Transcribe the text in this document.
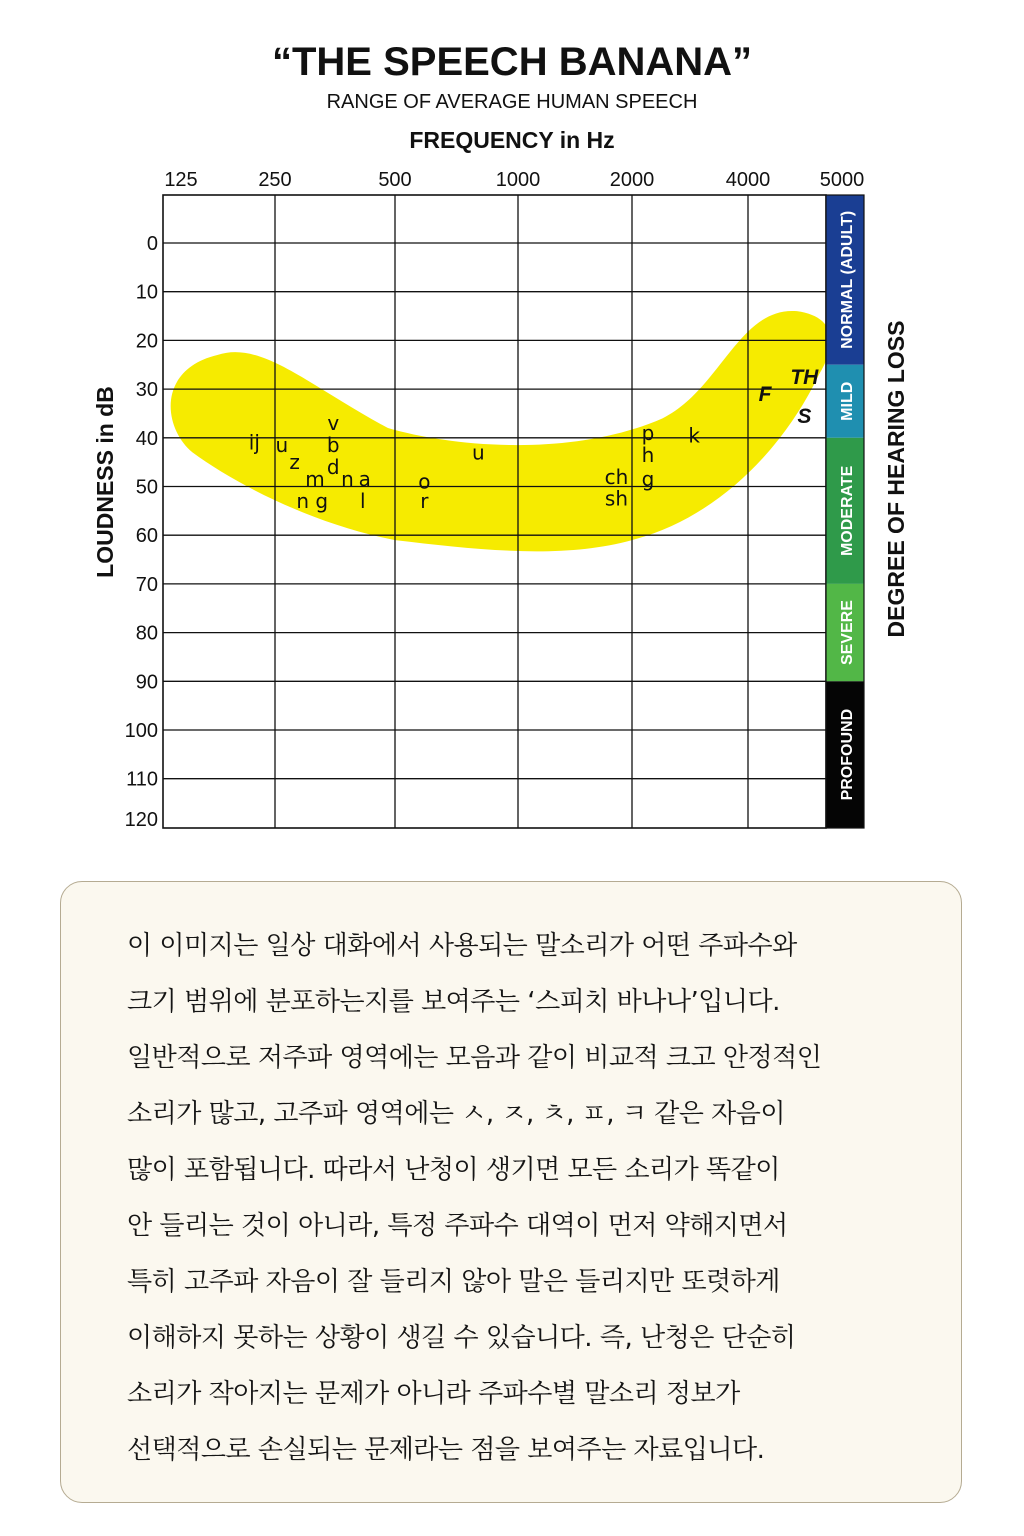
“THE SPEECH BANANA”
RANGE OF AVERAGE HUMAN SPEECH
FREQUENCY in Hz
125	250	500	1000	2000	4000 5000
0
10
20
30
40
50
60
70
80
90
100
110
120
LOUDNESS in dB	DEGREE OF HEARING LOSS
NORMAL (ADULT)
MILD
MODERATE
SEVERE
PROFOUND
ij u
z
v
b
d
m n a
n g l
o
r
u
ch
sh
p
h
g
k
F
TH
S

이 이미지는 일상 대화에서 사용되는 말소리가 어떤 주파수와

크기 범위에 분포하는지를 보여주는 ‘스피치 바나나’입니다.

일반적으로 저주파 영역에는 모음과 같이 비교적 크고 안정적인

소리가 많고, 고주파 영역에는 ㅅ, ㅈ, ㅊ, ㅍ, ㅋ 같은 자음이

많이 포함됩니다. 따라서 난청이 생기면 모든 소리가 똑같이

안 들리는 것이 아니라, 특정 주파수 대역이 먼저 약해지면서

특히 고주파 자음이 잘 들리지 않아 말은 들리지만 또렷하게

이해하지 못하는 상황이 생길 수 있습니다. 즉, 난청은 단순히

소리가 작아지는 문제가 아니라 주파수별 말소리 정보가

선택적으로 손실되는 문제라는 점을 보여주는 자료입니다.
